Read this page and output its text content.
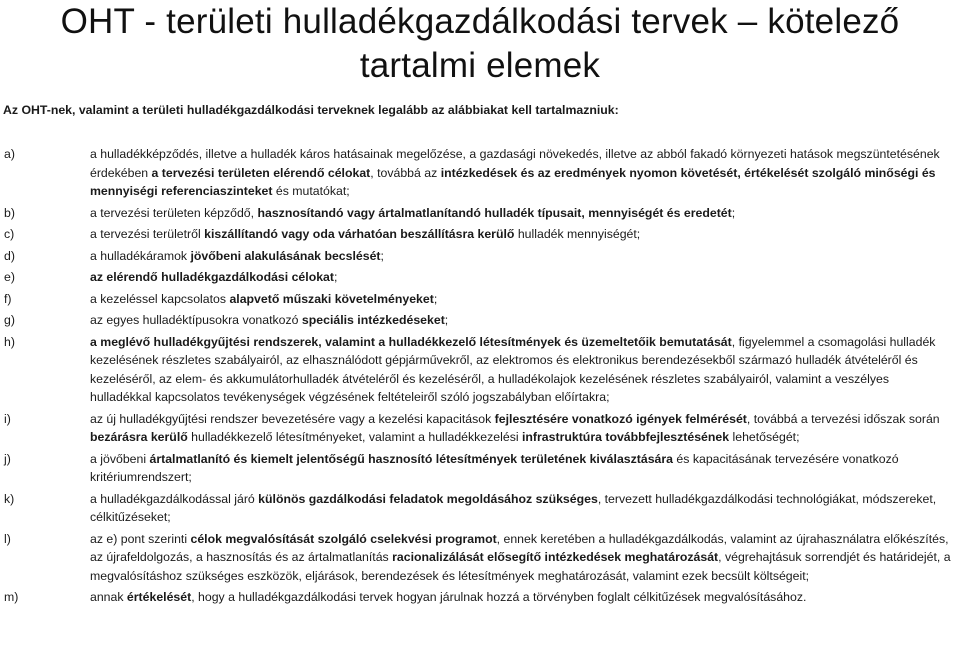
OHT - területi hulladékgazdálkodási tervek – kötelező tartalmi elemek

Az OHT-nek, valamint a területi hulladékgazdálkodási terveknek legalább az alábbiakat kell tartalmazniuk:

a)	a hulladékképződés, illetve a hulladék káros hatásainak megelőzése, a gazdasági növekedés, illetve az abból fakadó környezeti hatások megszüntetésének érdekében a tervezési területen elérendő célokat, továbbá az intézkedések és az eredmények nyomon követését, értékelését szolgáló minőségi és mennyiségi referenciaszinteket és mutatókat;
b)	a tervezési területen képződő, hasznosítandó vagy ártalmatlanítandó hulladék típusait, mennyiségét és eredetét;
c)	a tervezési területről kiszállítandó vagy oda várhatóan beszállításra kerülő hulladék mennyiségét;
d)	a hulladékáramok jövőbeni alakulásának becslését;
e)	az elérendő hulladékgazdálkodási célokat;
f)	a kezeléssel kapcsolatos alapvető műszaki követelményeket;
g)	az egyes hulladéktípusokra vonatkozó speciális intézkedéseket;
h)	a meglévő hulladékgyűjtési rendszerek, valamint a hulladékkezelő létesítmények és üzemeltetőik bemutatását, figyelemmel a csomagolási hulladék kezelésének részletes szabályairól, az elhasználódott gépjárművekről, az elektromos és elektronikus berendezésekből származó hulladék átvételéről és kezeléséről, az elem- és akkumulátorhulladék átvételéről és kezeléséről, a hulladékolajok kezelésének részletes szabályairól, valamint a veszélyes hulladékkal kapcsolatos tevékenységek végzésének feltételeiről szóló jogszabályban előírtakra;
i)	az új hulladékgyűjtési rendszer bevezetésére vagy a kezelési kapacitások fejlesztésére vonatkozó igények felmérését, továbbá a tervezési időszak során bezárásra kerülő hulladékkezelő létesítményeket, valamint a hulladékkezelési infrastruktúra továbbfejlesztésének lehetőségét;
j)	a jövőbeni ártalmatlanító és kiemelt jelentőségű hasznosító létesítmények területének kiválasztására és kapacitásának tervezésére vonatkozó kritériumrendszert;
k)	a hulladékgazdálkodással járó különös gazdálkodási feladatok megoldásához szükséges, tervezett hulladékgazdálkodási technológiákat, módszereket, célkitűzéseket;
l)	az e) pont szerinti célok megvalósítását szolgáló cselekvési programot, ennek keretében a hulladékgazdálkodás, valamint az újrahasználatra előkészítés, az újrafeldolgozás, a hasznosítás és az ártalmatlanítás racionalizálását elősegítő intézkedések meghatározását, végrehajtásuk sorrendjét és határidejét, a megvalósításhoz szükséges eszközök, eljárások, berendezések és létesítmények meghatározását, valamint ezek becsült költségeit;
m)	annak értékelését, hogy a hulladékgazdálkodási tervek hogyan járulnak hozzá a törvényben foglalt célkitűzések megvalósításához.
